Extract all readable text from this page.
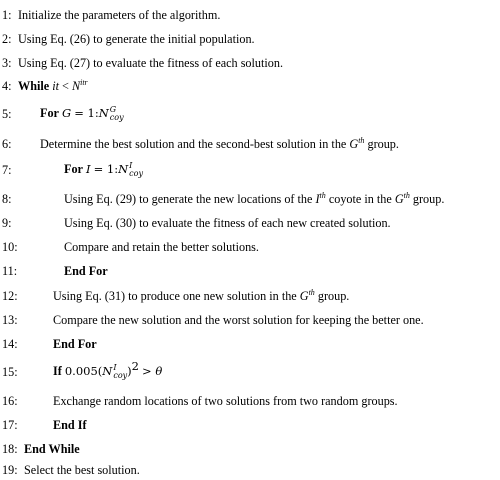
1: Initialize the parameters of the algorithm.
2: Using Eq. (26) to generate the initial population.
3: Using Eq. (27) to evaluate the fitness of each solution.
4: While it < $N^{itr}$
5: For G = 1:N G
coy
6: Determine the best solution and the second-best solution in the $G^{th}$ group.
7:	For I = 1:N I
coy
8:	Using Eq. (29) to generate the new locations of the Ith coyote in the $G^{th}$ group.
9:	Using Eq. (30) to evaluate the fitness of each new created solution.
10:	Compare and retain the better solutions.
11:	End For
12:	Using Eq. (31) to produce one new solution in the $G^{th}$ group.
13:	Compare the new solution and the worst solution for keeping the better one.
14:	End For
15:	If 0.005(N I
coy )$^2$ > θ
16:	Exchange random locations of two solutions from two random groups.
17:	End If
18: End While
19: Select the best solution.
